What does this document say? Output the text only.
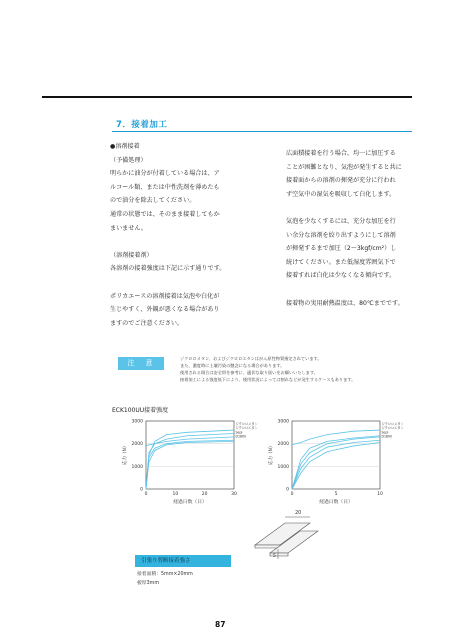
7．接着加工
●溶剤接着
（予備処理）
明らかに油分が付着している場合は、ア
ルコール類、または中性洗剤を薄めたも
ので油分を除去してください。
通常の状態では、そのまま接着してもか
まいません。
（溶剤接着剤）
各溶剤の接着強度は下記に示す通りです。
ポリカエースの溶剤接着は気泡や白化が
生じやすく、外観が悪くなる場合があり
ますのでご注意ください。
広面積接着を行う場合、均一に加圧する
ことが困難となり、気泡が発生すると共に
接着面からの溶剤の揮発が充分に行われ
ず空気中の湿気を吸収して白化します。
気泡を少なくするには、充分な加圧を行
い余分な溶剤を絞り出すようにして溶剤
が揮発するまで加圧（2～3kgf/cm²）し
続けてください。また低湿度雰囲気下で
接着すれば白化は少なくなる傾向です。
接着物の実用耐熱温度は、80℃までです。
注　意
ジクロロメタン、およびジクロロエタンはがん原性物質指定されています。
また、濃度時に土壌汚染の懸念になる場合があります。
使用される場合は安全帯を参考に、適切な取り扱いをお願いいたします。
接着加工による強度低下により、使用状況によっては割れなどが発生するケースもあります。
ECK100UU接着強度
0
1000
2000
3000
0	10	20	30
応力（N）
経過日数（日）
ジクロロメタン
ジクロロエタン
Sepi
D1800
0
1000
2000
3000
0	5	10
応力（N）
経過日数（日）
ジクロロメタン
ジクロロエタン
Sepi
D1800
20
5
引張り剪断接着強さ
接着面積：5mm×20mm
板厚3mm
87
